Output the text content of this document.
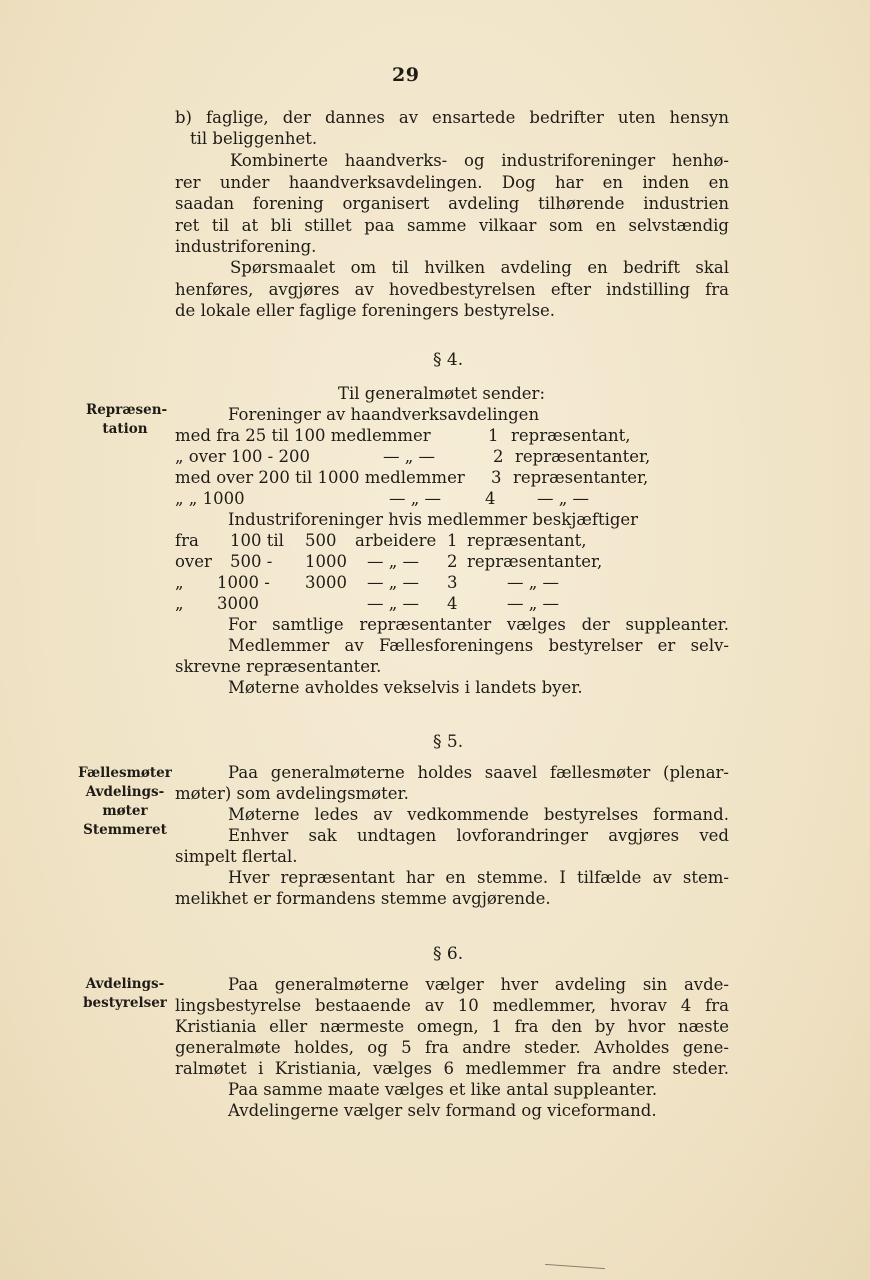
29
b) faglige, der dannes av ensartede bedrifter uten hensyn
til beliggenhet.
Kombinerte haandverks- og industriforeninger henhø-
rer under haandverksavdelingen. Dog har en inden en
saadan forening organisert avdeling tilhørende industrien
ret til at bli stillet paa samme vilkaar som en selvstændig
industriforening.
Spørsmaalet om til hvilken avdeling en bedrift skal
henføres, avgjøres av hovedbestyrelsen efter indstilling fra
de lokale eller faglige foreningers bestyrelse.
§ 4.
Repræsen-
tation
Til generalmøtet sender:
Foreninger av haandverksavdelingen
med fra 25 til 100 medlemmer	1 repræsentant,
„ over 100 - 200	— „ —	2 repræsentanter,
med over 200 til 1000 medlemmer 3 repræsentanter,
„ „ 1000	— „ —	4	— „ —
Industriforeninger hvis medlemmer beskjæftiger
fra 100 til 500 arbeidere 1 repræsentant,
over 500 - 1000 — „ — 2 repræsentanter,
„ 1000 - 3000 — „ — 3	— „ —
„ 3000	— „ — 4	— „ —
For samtlige repræsentanter vælges der suppleanter.
Medlemmer av Fællesforeningens bestyrelser er selv-
skrevne repræsentanter.
Møterne avholdes vekselvis i landets byer.
§ 5.
Fællesmøter
Avdelings-
møter
Stemmeret
Paa generalmøterne holdes saavel fællesmøter (plenar-
møter) som avdelingsmøter.
Møterne ledes av vedkommende bestyrelses formand.
Enhver sak undtagen lovforandringer avgjøres ved
simpelt flertal.
Hver repræsentant har en stemme. I tilfælde av stem-
melikhet er formandens stemme avgjørende.
§ 6.
Avdelings-
bestyrelser
Paa generalmøterne vælger hver avdeling sin avde-
lingsbestyrelse bestaaende av 10 medlemmer, hvorav 4 fra
Kristiania eller nærmeste omegn, 1 fra den by hvor næste
generalmøte holdes, og 5 fra andre steder. Avholdes gene-
ralmøtet i Kristiania, vælges 6 medlemmer fra andre steder.
Paa samme maate vælges et like antal suppleanter.
Avdelingerne vælger selv formand og viceformand.
